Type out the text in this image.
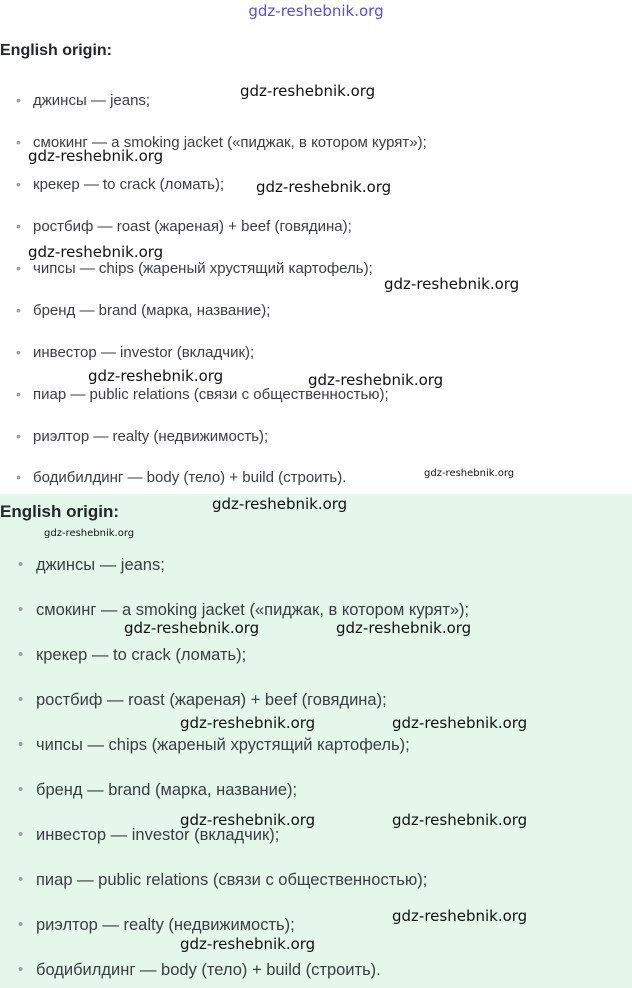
gdz-reshebnik.org
English origin:
• джинсы — jeans;
• смокинг — a smoking jacket («пиджак, в котором курят»);
• крекер — to crack (ломать);
• ростбиф — roast (жареная) + beef (говядина);
• чипсы — chips (жареный хрустящий картофель);
• бренд — brand (марка, название);
• инвестор — investor (вкладчик);
• пиар — public relations (связи с общественностью);
• риэлтор — realty (недвижимость);
• бодибилдинг — body (тело) + build (строить).
English origin:
• джинсы — jeans;
• смокинг — a smoking jacket («пиджак, в котором курят»);
• крекер — to crack (ломать);
• ростбиф — roast (жареная) + beef (говядина);
• чипсы — chips (жареный хрустящий картофель);
• бренд — brand (марка, название);
• инвестор — investor (вкладчик);
• пиар — public relations (связи с общественностью);
• риэлтор — realty (недвижимость);
• бодибилдинг — body (тело) + build (строить).
gdz-reshebnik.org
gdz-reshebnik.org
gdz-reshebnik.org
gdz-reshebnik.org
gdz-reshebnik.org
gdz-reshebnik.org	gdz-reshebnik.org
gdz-reshebnik.org
gdz-reshebnik.org
gdz-reshebnik.org
gdz-reshebnik.org	gdz-reshebnik.org
gdz-reshebnik.org	gdz-reshebnik.org
gdz-reshebnik.org	gdz-reshebnik.org
gdz-reshebnik.org
gdz-reshebnik.org
